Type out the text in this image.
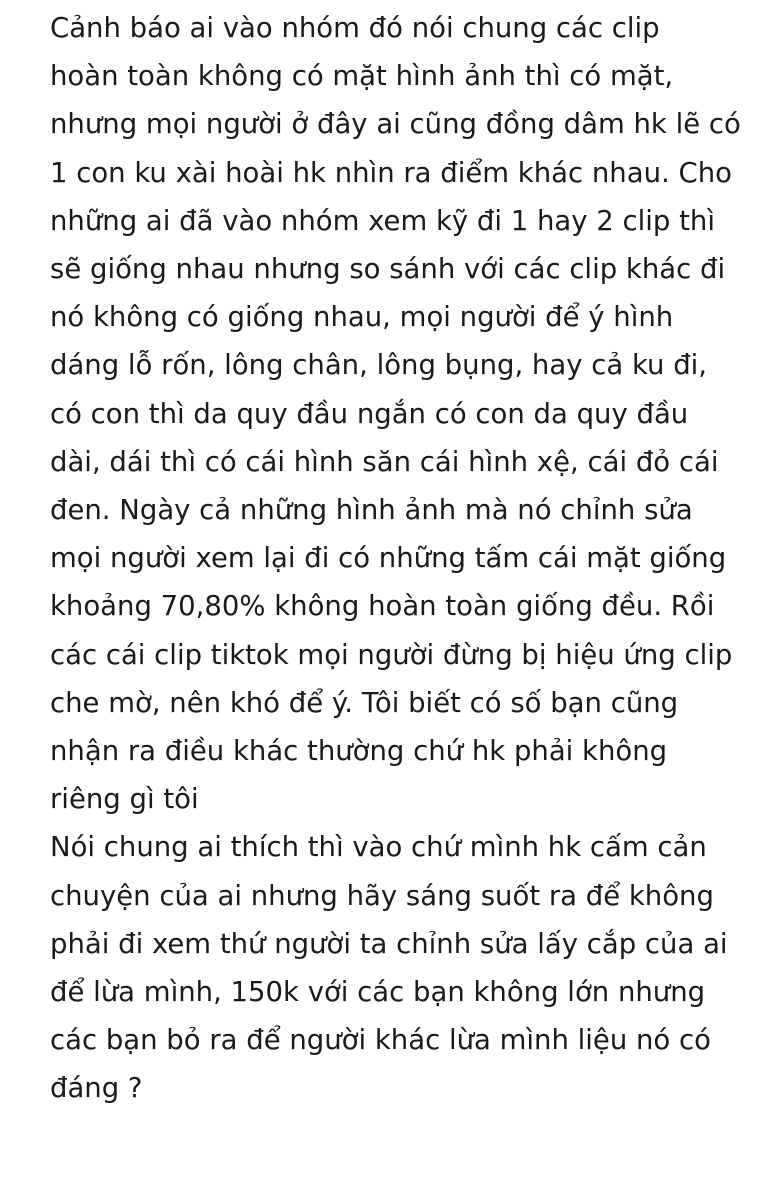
Cảnh báo ai vào nhóm đó nói chung các clip
hoàn toàn không có mặt hình ảnh thì có mặt,
nhưng mọi người ở đây ai cũng đồng dâm hk lẽ có
1 con ku xài hoài hk nhìn ra điểm khác nhau. Cho
những ai đã vào nhóm xem kỹ đi 1 hay 2 clip thì
sẽ giống nhau nhưng so sánh với các clip khác đi
nó không có giống nhau, mọi người để ý hình
dáng lỗ rốn, lông chân, lông bụng, hay cả ku đi,
có con thì da quy đầu ngắn có con da quy đầu
dài, dái thì có cái hình săn cái hình xệ, cái đỏ cái
đen. Ngày cả những hình ảnh mà nó chỉnh sửa
mọi người xem lại đi có những tấm cái mặt giống
khoảng 70,80% không hoàn toàn giống đều. Rồi
các cái clip tiktok mọi người đừng bị hiệu ứng clip
che mờ, nên khó để ý. Tôi biết có số bạn cũng
nhận ra điều khác thường chứ hk phải không
riêng gì tôi
Nói chung ai thích thì vào chứ mình hk cấm cản
chuyện của ai nhưng hãy sáng suốt ra để không
phải đi xem thứ người ta chỉnh sửa lấy cắp của ai
để lừa mình, 150k với các bạn không lớn nhưng
các bạn bỏ ra để người khác lừa mình liệu nó có
đáng ?
